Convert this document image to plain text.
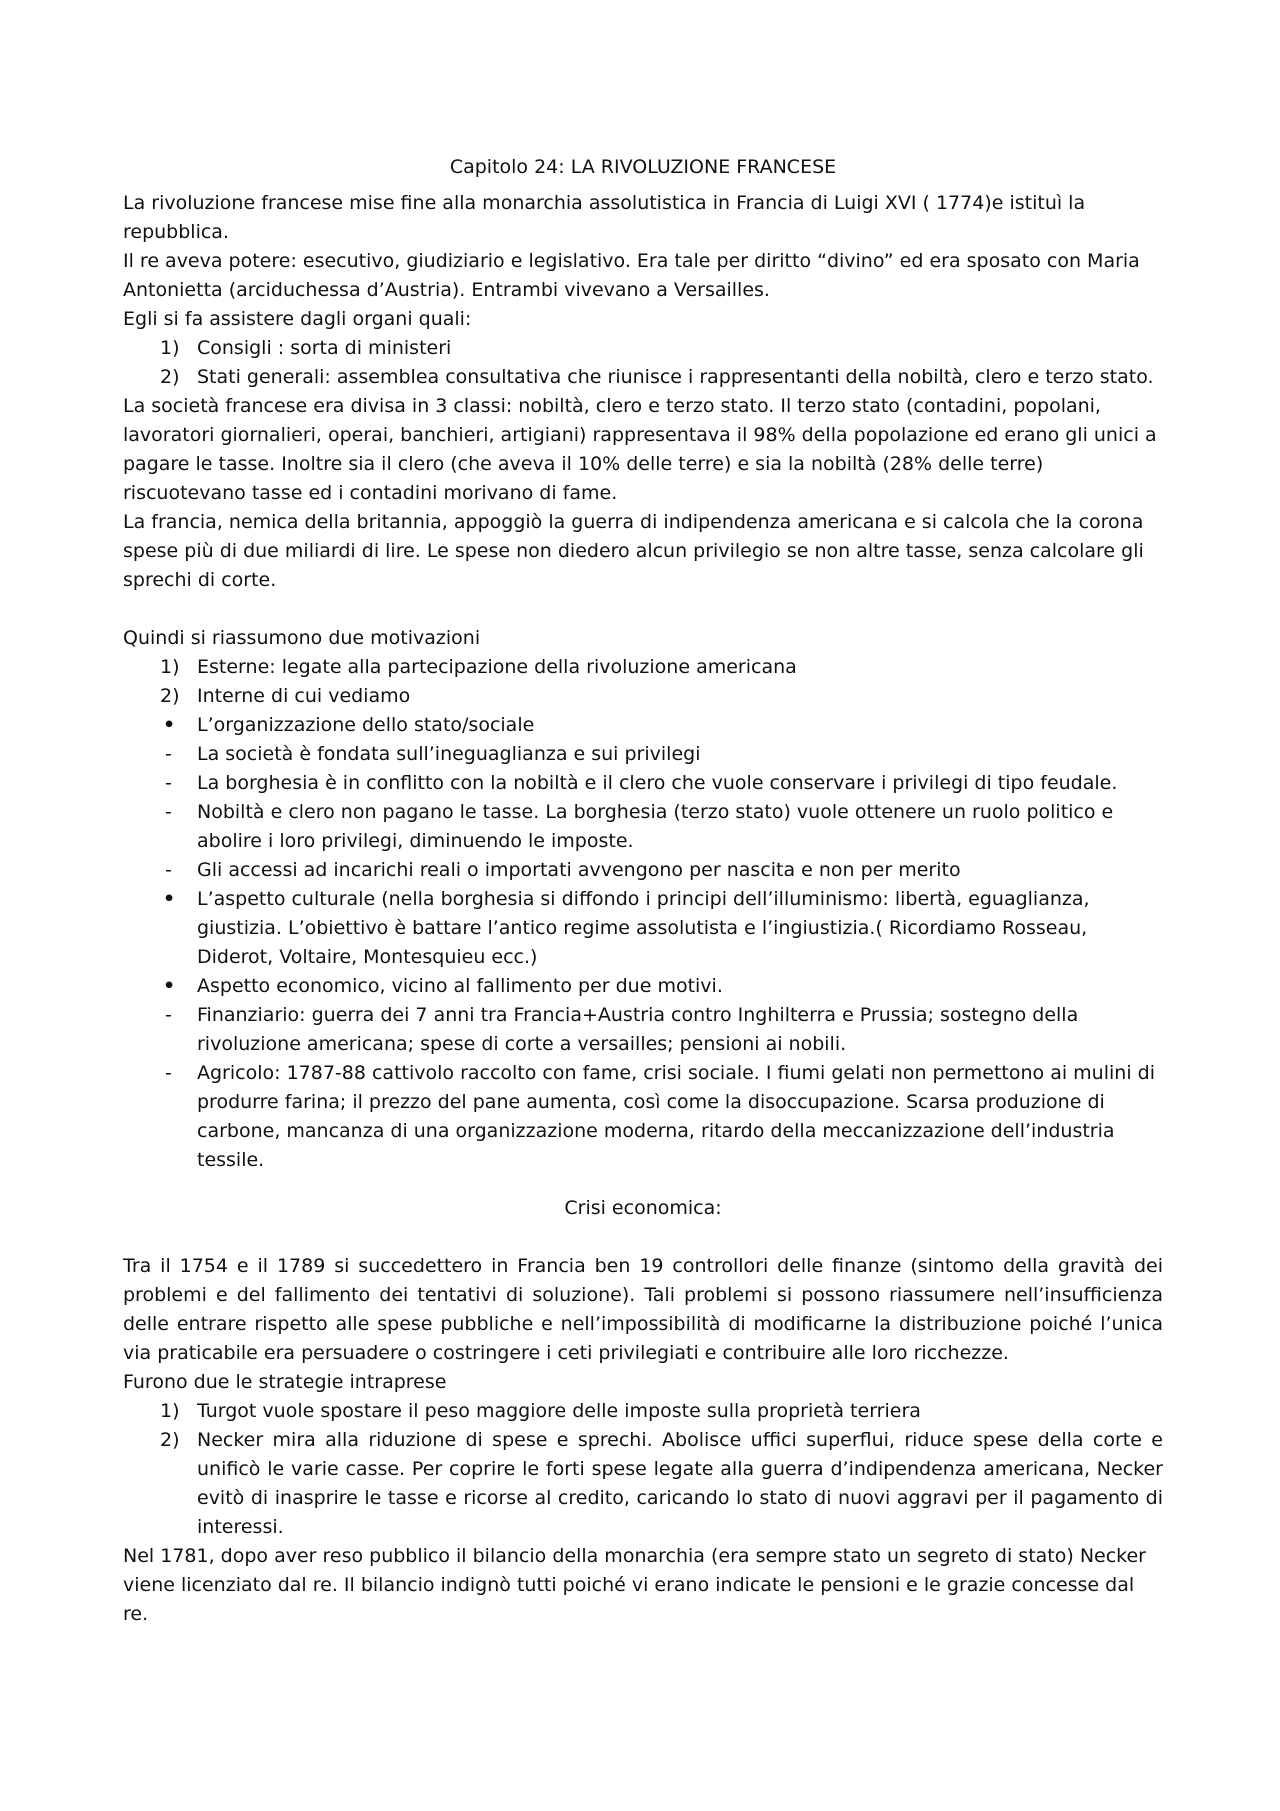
Capitolo 24: LA RIVOLUZIONE FRANCESE

La rivoluzione francese mise fine alla monarchia assolutistica in Francia di Luigi XVI ( 1774)e istituì la repubblica.

Il re aveva potere: esecutivo, giudiziario e legislativo. Era tale per diritto “divino” ed era sposato con Maria Antonietta (arciduchessa d’Austria). Entrambi vivevano a Versailles.

Egli si fa assistere dagli organi quali:

1) Consigli : sorta di ministeri
2) Stati generali: assemblea consultativa che riunisce i rappresentanti della nobiltà, clero e terzo stato.

La società francese era divisa in 3 classi: nobiltà, clero e terzo stato. Il terzo stato (contadini, popolani, lavoratori giornalieri, operai, banchieri, artigiani) rappresentava il 98% della popolazione ed erano gli unici a pagare le tasse. Inoltre sia il clero (che aveva il 10% delle terre) e sia la nobiltà (28% delle terre) riscuotevano tasse ed i contadini morivano di fame.

La francia, nemica della britannia, appoggiò la guerra di indipendenza americana e si calcola che la corona spese più di due miliardi di lire. Le spese non diedero alcun privilegio se non altre tasse, senza calcolare gli sprechi di corte.

Quindi si riassumono due motivazioni

1) Esterne: legate alla partecipazione della rivoluzione americana
2) Interne di cui vediamo
•	L’organizzazione dello stato/sociale
-	La società è fondata sull’ineguaglianza e sui privilegi
-	La borghesia è in conflitto con la nobiltà e il clero che vuole conservare i privilegi di tipo feudale.
-	Nobiltà e clero non pagano le tasse. La borghesia (terzo stato) vuole ottenere un ruolo politico e abolire i loro privilegi, diminuendo le imposte.
-	Gli accessi ad incarichi reali o importati avvengono per nascita e non per merito
•	L’aspetto culturale (nella borghesia si diffondo i principi dell’illuminismo: libertà, eguaglianza, giustizia. L’obiettivo è battare l’antico regime assolutista e l’ingiustizia.( Ricordiamo Rosseau, Diderot, Voltaire, Montesquieu ecc.)
•	Aspetto economico, vicino al fallimento per due motivi.
-	Finanziario: guerra dei 7 anni tra Francia+Austria contro Inghilterra e Prussia; sostegno della rivoluzione americana; spese di corte a versailles; pensioni ai nobili.
-	Agricolo: 1787-88 cattivolo raccolto con fame, crisi sociale. I fiumi gelati non permettono ai mulini di produrre farina; il prezzo del pane aumenta, così come la disoccupazione. Scarsa produzione di carbone, mancanza di una organizzazione moderna, ritardo della meccanizzazione dell’industria tessile.

Crisi economica:

Tra il 1754 e il 1789 si succedettero in Francia ben 19 controllori delle finanze (sintomo della gravità dei problemi e del fallimento dei tentativi di soluzione). Tali problemi si possono riassumere nell’insufficienza delle entrare rispetto alle spese pubbliche e nell’impossibilità di modificarne la distribuzione poiché l’unica via praticabile era persuadere o costringere i ceti privilegiati e contribuire alle loro ricchezze.

Furono due le strategie intraprese

1) Turgot vuole spostare il peso maggiore delle imposte sulla proprietà terriera
2) Necker mira alla riduzione di spese e sprechi. Abolisce uffici superflui, riduce spese della corte e unificò le varie casse. Per coprire le forti spese legate alla guerra d’indipendenza americana, Necker evitò di inasprire le tasse e ricorse al credito, caricando lo stato di nuovi aggravi per il pagamento di interessi.

Nel 1781, dopo aver reso pubblico il bilancio della monarchia (era sempre stato un segreto di stato) Necker viene licenziato dal re. Il bilancio indignò tutti poiché vi erano indicate le pensioni e le grazie concesse dal re.
